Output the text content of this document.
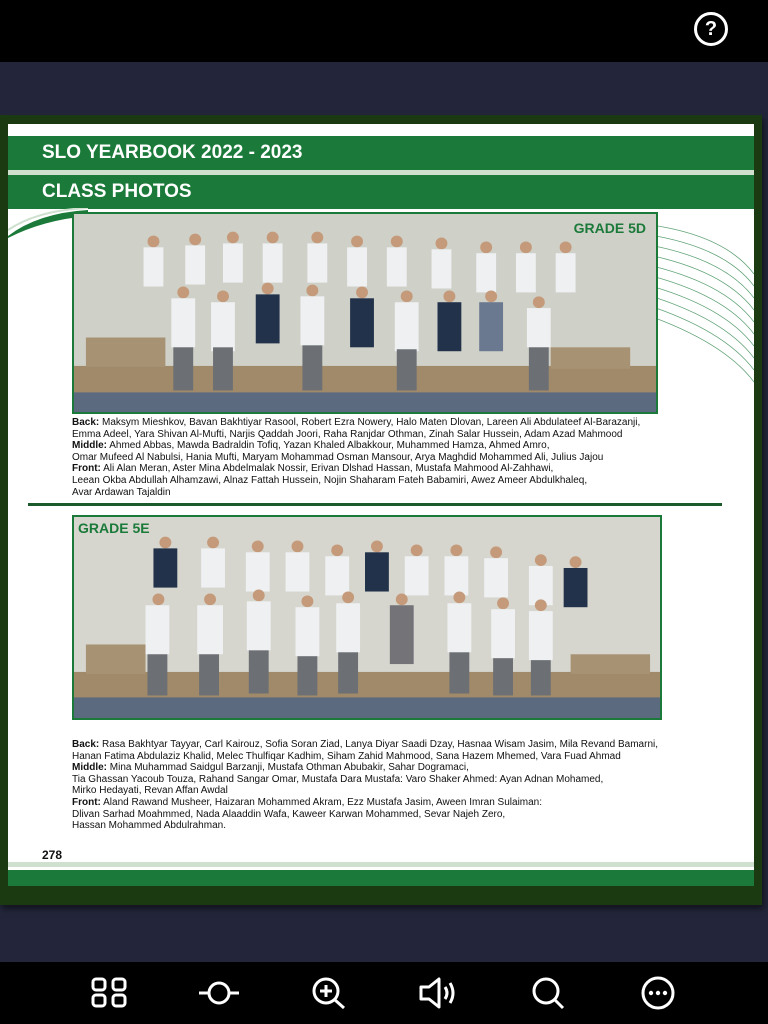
?
SLO YEARBOOK 2022 - 2023
CLASS PHOTOS
GRADE 5D
Back: Maksym Mieshkov, Bavan Bakhtiyar Rasool, Robert Ezra Nowery, Halo Maten Dlovan, Lareen Ali Abdulateef Al-Barazanji,
Emma Adeel, Yara Shivan Al-Mufti, Narjis Qaddah Joori, Raha Ranjdar Othman, Zinah Salar Hussein, Adam Azad Mahmood
Middle: Ahmed Abbas, Mawda Badraldin Tofiq, Yazan Khaled Albakkour, Muhammed Hamza, Ahmed Amro,
Omar Mufeed Al Nabulsi, Hania Mufti, Maryam Mohammad Osman Mansour, Arya Maghdid Mohammed Ali, Julius Jajou
Front: Ali Alan Meran, Aster Mina Abdelmalak Nossir, Erivan Dlshad Hassan, Mustafa Mahmood Al-Zahhawi,
Leean Okba Abdullah Alhamzawi, Alnaz Fattah Hussein, Nojin Shaharam Fateh Babamiri, Awez Ameer Abdulkhaleq,
Avar Ardawan Tajaldin
GRADE 5E
Back: Rasa Bakhtyar Tayyar, Carl Kairouz, Sofia Soran Ziad, Lanya Diyar Saadi Dzay, Hasnaa Wisam Jasim, Mila Revand Bamarni,
Hanan Fatima Abdulaziz Khalid, Melec Thulfiqar Kadhim, Siham Zahid Mahmood, Sana Hazem Mhemed, Vara Fuad Ahmad
Middle: Mina Muhammad Saidgul Barzanji, Mustafa Othman Abubakir, Sahar Dogramaci,
Tia Ghassan Yacoub Touza, Rahand Sangar Omar, Mustafa Dara Mustafa: Varo Shaker Ahmed: Ayan Adnan Mohamed,
Mirko Hedayati, Revan Affan Awdal
Front: Aland Rawand Musheer, Haizaran Mohammed Akram, Ezz Mustafa Jasim, Aween Imran Sulaiman:
Dlivan Sarhad Moahmmed, Nada Alaaddin Wafa, Kaweer Karwan Mohammed, Sevar Najeh Zero,
Hassan Mohammed Abdulrahman.
278
